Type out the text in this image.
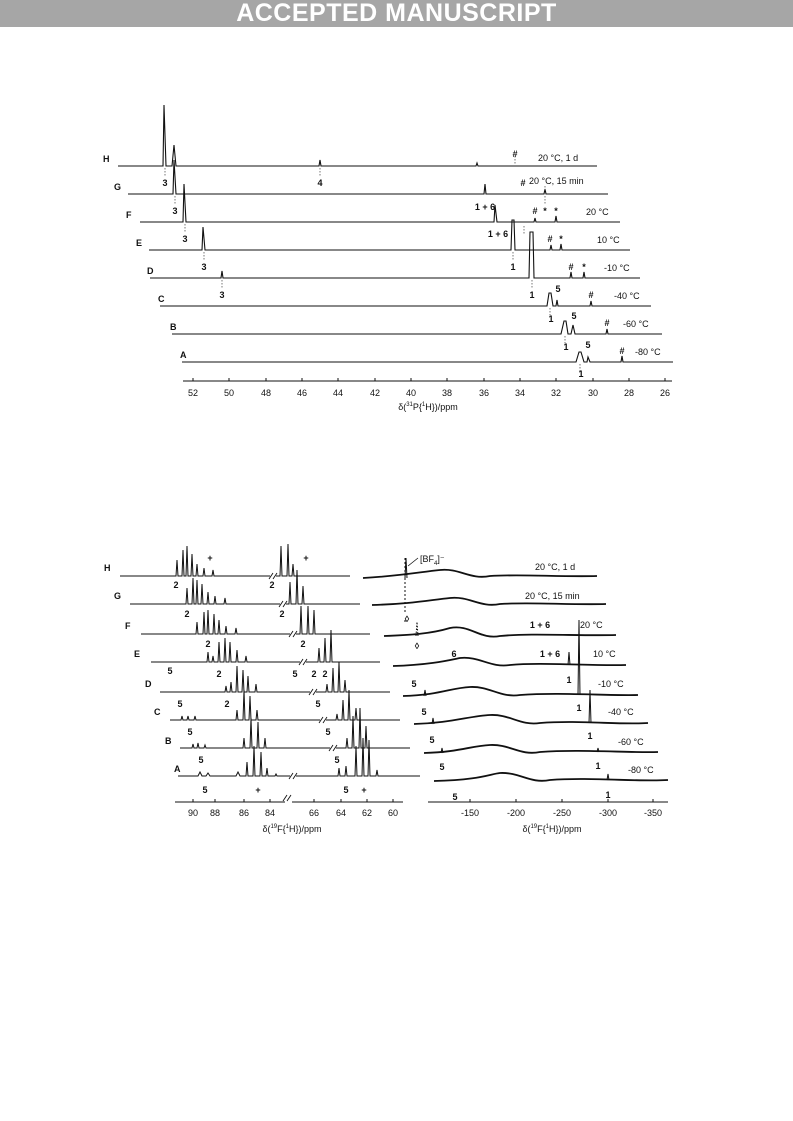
ACCEPTED MANUSCRIPT
52	50	48	46	44	42	40	38	36	34	32	30	28	26
δ($^{31}$P{$^1$H})/ppm
H
G
F
E
D
C
B
A
20 °C, 1 d
20 °C, 15 min
20 °C
10 °C
-10 °C
-40 °C
-60 °C
-80 °C
3	4
3
3
3
3
1 + 6
1 + 6
1
1
1
1
1
5
5
5
#
#
#
#
#
#
#
#
* *
*
*
90 88 86 84	66 64 62 60	-150	-200	-250	-300	-350
δ($^{19}$F{$^1$H})/ppm	δ($^{19}$F{$^1$H})/ppm
H
G
F
E
D
C
B
A
20 °C, 1 d
20 °C, 15 min
20 °C
10 °C
-10 °C
-40 °C
-60 °C
-80 °C
$[BF_4]^-$
2	2
2	2
2	2
2	2 2
2
5	5
5	5
5	5
5	5
5	5
+	+
+	+
◊
◊
1 + 6
1 + 6
6
5
5
5
5
5
1
1
1
1
1
